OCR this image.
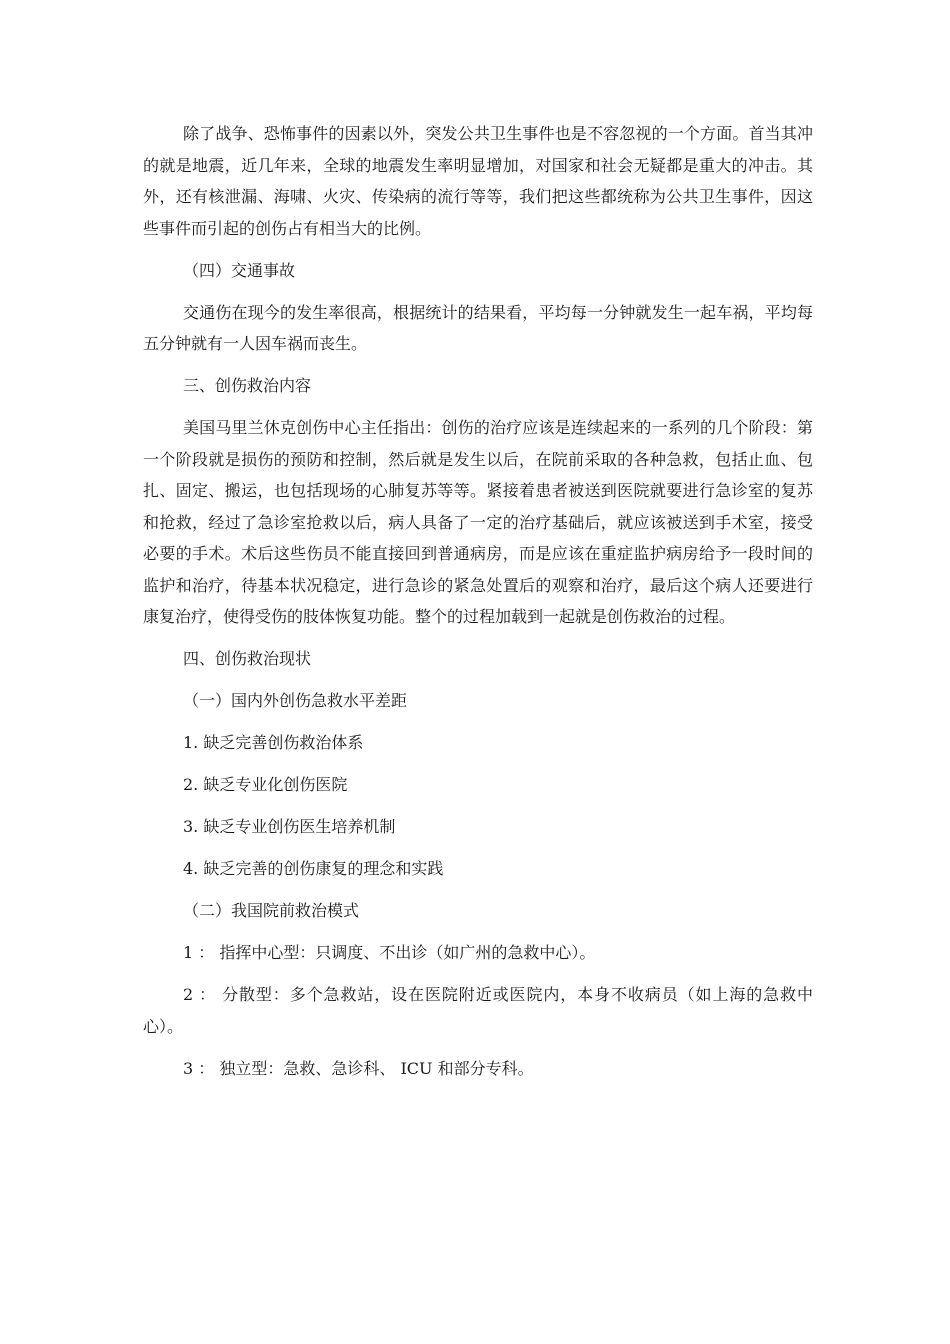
除了战争、恐怖事件的因素以外，突发公共卫生事件也是不容忽视的一个方面。首当其冲的就是地震，近几年来，全球的地震发生率明显增加，对国家和社会无疑都是重大的冲击。其外，还有核泄漏、海啸、火灾、传染病的流行等等，我们把这些都统称为公共卫生事件，因这些事件而引起的创伤占有相当大的比例。

（四）交通事故

交通伤在现今的发生率很高，根据统计的结果看，平均每一分钟就发生一起车祸，平均每五分钟就有一人因车祸而丧生。

三、创伤救治内容

美国马里兰休克创伤中心主任指出：创伤的治疗应该是连续起来的一系列的几个阶段：第一个阶段就是损伤的预防和控制，然后就是发生以后，在院前采取的各种急救，包括止血、包扎、固定、搬运，也包括现场的心肺复苏等等。紧接着患者被送到医院就要进行急诊室的复苏和抢救，经过了急诊室抢救以后，病人具备了一定的治疗基础后，就应该被送到手术室，接受必要的手术。术后这些伤员不能直接回到普通病房，而是应该在重症监护病房给予一段时间的监护和治疗，待基本状况稳定，进行急诊的紧急处置后的观察和治疗，最后这个病人还要进行康复治疗，使得受伤的肢体恢复功能。整个的过程加载到一起就是创伤救治的过程。

四、创伤救治现状

（一）国内外创伤急救水平差距

1. 缺乏完善创伤救治体系

2. 缺乏专业化创伤医院

3. 缺乏专业创伤医生培养机制

4. 缺乏完善的创伤康复的理念和实践

（二）我国院前救治模式

1 ： 指挥中心型：只调度、不出诊（如广州的急救中心）。

2 ： 分散型：多个急救站，设在医院附近或医院内，本身不收病员（如上海的急救中心）。

3 ： 独立型：急救、急诊科、 ICU 和部分专科。
